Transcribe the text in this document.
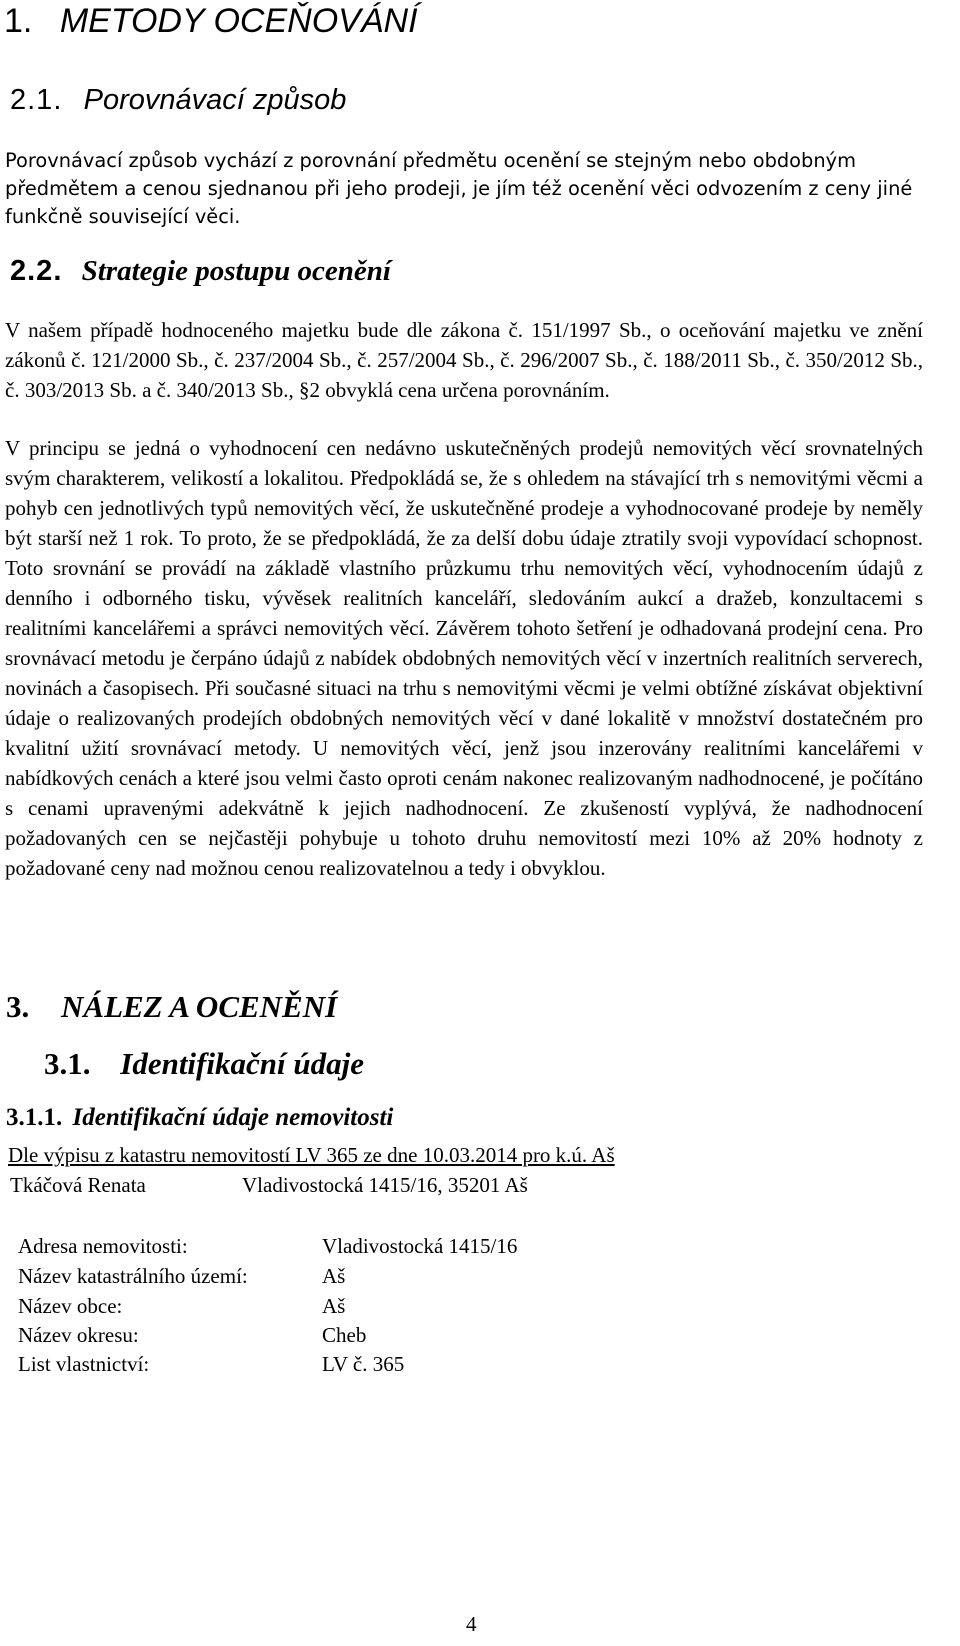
1. METODY OCEŇOVÁNÍ
2.1. Porovnávací způsob
Porovnávací způsob vychází z porovnání předmětu ocenění se stejným nebo obdobným předmětem a cenou sjednanou při jeho prodeji, je jím též ocenění věci odvozením z ceny jiné funkčně související věci.
2.2. Strategie postupu ocenění
V našem případě hodnoceného majetku bude dle zákona č. 151/1997 Sb., o oceňování majetku ve znění zákonů č. 121/2000 Sb., č. 237/2004 Sb., č. 257/2004 Sb., č. 296/2007 Sb., č. 188/2011 Sb., č. 350/2012 Sb., č. 303/2013 Sb. a č. 340/2013 Sb., §2 obvyklá cena určena porovnáním.
V principu se jedná o vyhodnocení cen nedávno uskutečněných prodejů nemovitých věcí srovnatelných svým charakterem, velikostí a lokalitou. Předpokládá se, že s ohledem na stávající trh s nemovitými věcmi a pohyb cen jednotlivých typů nemovitých věcí, že uskutečněné prodeje a vyhodnocované prodeje by neměly být starší než 1 rok. To proto, že se předpokládá, že za delší dobu údaje ztratily svoji vypovídací schopnost. Toto srovnání se provádí na základě vlastního průzkumu trhu nemovitých věcí, vyhodnocením údajů z denního i odborného tisku, vývěsek realitních kanceláří, sledováním aukcí a dražeb, konzultacemi s realitními kancelářemi a správci nemovitých věcí. Závěrem tohoto šetření je odhadovaná prodejní cena. Pro srovnávací metodu je čerpáno údajů z nabídek obdobných nemovitých věcí v inzertních realitních serverech, novinách a časopisech. Při současné situaci na trhu s nemovitými věcmi je velmi obtížné získávat objektivní údaje o realizovaných prodejích obdobných nemovitých věcí v dané lokalitě v množství dostatečném pro kvalitní užití srovnávací metody. U nemovitých věcí, jenž jsou inzerovány realitními kancelářemi v nabídkových cenách a které jsou velmi často oproti cenám nakonec realizovaným nadhodnocené, je počítáno s cenami upravenými adekvátně k jejich nadhodnocení. Ze zkušeností vyplývá, že nadhodnocení požadovaných cen se nejčastěji pohybuje u tohoto druhu nemovitostí mezi 10% až 20% hodnoty z požadované ceny nad možnou cenou realizovatelnou a tedy i obvyklou.
3. NÁLEZ A OCENĚNÍ
3.1. Identifikační údaje
3.1.1. Identifikační údaje nemovitosti
Dle výpisu z katastru nemovitostí LV 365 ze dne 10.03.2014 pro k.ú. Aš
Tkáčová Renata	Vladivostocká 1415/16, 35201 Aš
Adresa nemovitosti:	Vladivostocká 1415/16
Název katastrálního území:	Aš
Název obce:	Aš
Název okresu:	Cheb
List vlastnictví:	LV č. 365
4
